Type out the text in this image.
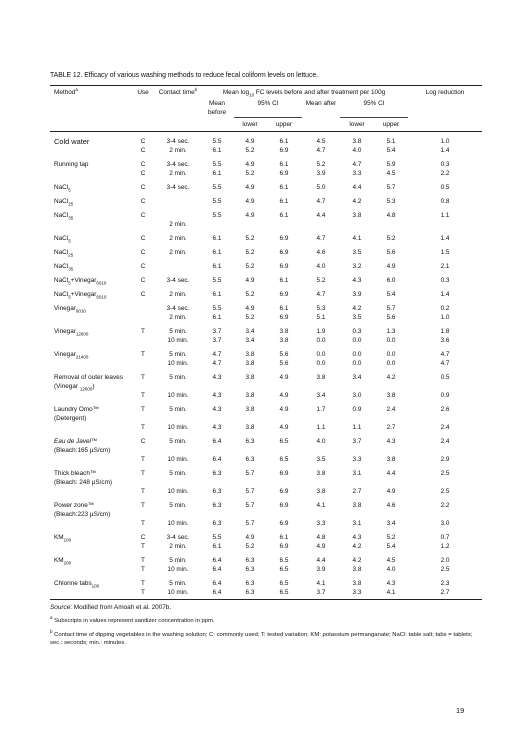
TABLE 12. Efficacy of various washing methods to reduce fecal coliform levels on lettuce.
Method$^a$	Use	Contact time$^b$	Mean $\log_{10}$ FC levels before and after treatment per 100g						Log reduction
			Mean before	95% CI		Mean after	95% CI		
				lower	upper		lower	upper	
Cold water	C	3-4 sec.	5.5	4.9	6.1	4.5	3.8	5.1	1.0
	C	2 min.	6.1	5.2	6.9	4.7	4.0	5.4	1.4
Running tap	C	3-4 sec.	5.5	4.9	6.1	5.2	4.7	5.9	0.3
	C	2 min.	6.1	5.2	6.9	3.9	3.3	4.5	2.2
NaCl$_5$	C	3-4 sec.	5.5	4.9	6.1	5.0	4.4	5.7	0.5
NaCl$_{25}$	C		5.5	4.9	6.1	4.7	4.2	5.3	0.8
NaCl$_{35}$	C		5.5	4.9	6.1	4.4	3.8	4.8	1.1
		2 min.							
NaCl$_5$	C	2 min.	6.1	5.2	6.9	4.7	4.1	5.2	1.4
NaCl$_{25}$	C	2 min.	6.1	5.2	6.9	4.6	3.5	5.6	1.5
NaCl$_{35}$	C		6.1	5.2	6.9	4.0	3.2	4.9	2.1
NaCl$_5$+Vinegar$_{6010}$	C	3-4 sec.	5.5	4.9	6.1	5.2	4.3	6.0	0.3
NaCl$_5$+Vinegar$_{6010}$	C	2 min.	6.1	5.2	6.9	4.7	3.9	5.4	1.4
Vinegar$_{6010}$		3-4 sec.	5.5	4.9	6.1	5.3	4.2	5.7	0.2
		2 min.	6.1	5.2	6.9	5.1	3.5	5.6	1.0
Vinegar$_{12600}$	T	5 min.	3.7	3.4	3.8	1.9	0.3	1.3	1.8
		10 min.	3.7	3.4	3.8	0.0	0.0	0.0	3.6
Vinegar$_{21400}$	T	5 min.	4.7	3.8	5.6	0.0	0.0	0.0	4.7
		10 min.	4.7	3.8	5.6	0.0	0.0	0.0	4.7
Removal of outer leaves	T	5 min.	4.3	3.8	4.9	3.8	3.4	4.2	0.5
(Vinegar $_{12600}$)									
	T	10 min.	4.3	3.8	4.9	3.4	3.0	3.8	0.9
Laundry Omo™	T	5 min.	4.3	3.8	4.9	1.7	0.9	2.4	2.6
(Detergent)									
	T	10 min.	4.3	3.8	4.9	1.1	1.1	2.7	2.4
Eau de Javel™	C	5 min.	6.4	6.3	6.5	4.0	3.7	4.3	2.4
(Bleach:165 µS/cm)									
	T	10 min.	6.4	6.3	6.5	3.5	3.3	3.8	2.9
Thick bleach™	T	5 min.	6.3	5.7	6.9	3.8	3.1	4.4	2.5
(Bleach: 248 µS/cm)									
	T	10 min.	6.3	5.7	6.9	3.8	2.7	4.9	2.5
Power zone™	T	5 min.	6.3	5.7	6.9	4.1	3.8	4.6	2.2
(Bleach:223 µS/cm)									
	T	10 min.	6.3	5.7	6.9	3.3	3.1	3.4	3.0
$KM_{100}$	C	3-4 sec.	5.5	4.9	6.1	4.8	4.3	5.2	0.7
	T	2 min.	6.1	5.2	6.9	4.9	4.2	5.4	1.2
$KM_{200}$	T	5 min.	6.4	6.3	6.5	4.4	4.2	4.5	2.0
	T	10 min.	6.4	6.3	6.5	3.9	3.8	4.0	2.5
Chlorine tabs$_{100}$	T	5 min.	6.4	6.3	6.5	4.1	3.8	4.3	2.3
	T	10 min.	6.4	6.3	6.5	3.7	3.3	4.1	2.7
Source: Modified from Amoah et al. 2007b.
$^a$ Subscripts in values represent sanitizer concentration in ppm.
$^b$ Contact time of dipping vegetables in the washing solution; C: commonly used; T: tested variation; KM: potassium permanganate; NaCl: table salt; tabs = tablets; sec.: seconds; min.: minutes.
19
